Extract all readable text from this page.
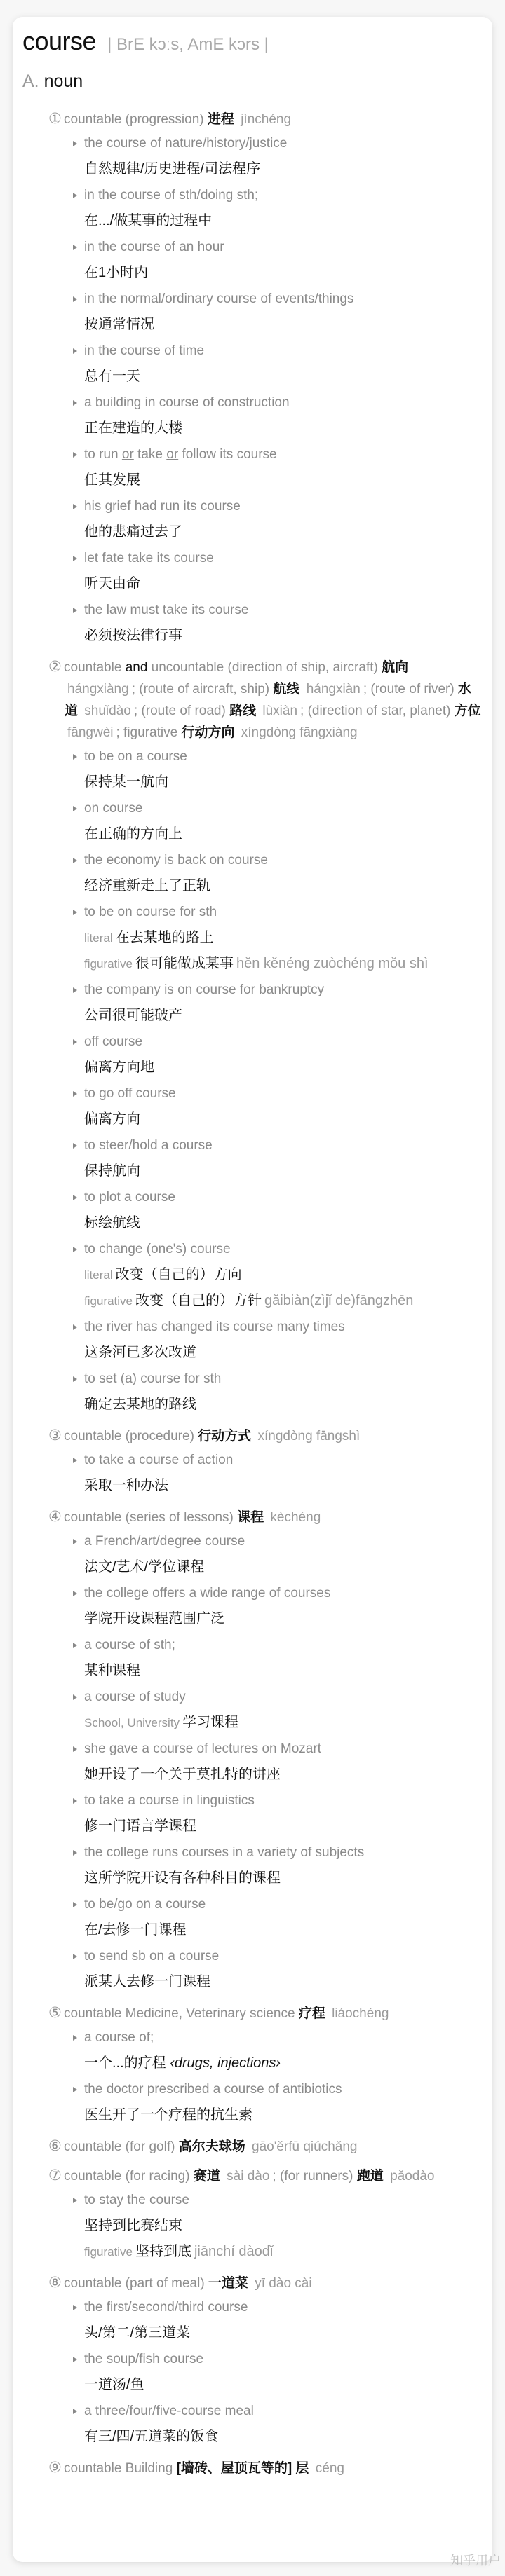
course | BrE kɔːs, AmE kɔrs |
A. noun
① countable (progression) 进程 jìnchéng
the course of nature/history/justice
自然规律/历史进程/司法程序
in the course of sth/doing sth;
在.../做某事的过程中
in the course of an hour
在1小时内
in the normal/ordinary course of events/things
按通常情况
in the course of time
总有一天
a building in course of construction
正在建造的大楼
to run or take or follow its course
任其发展
his grief had run its course
他的悲痛过去了
let fate take its course
听天由命
the law must take its course
必须按法律行事
② countable and uncountable (direction of ship, aircraft) 航向 hángxiàng ; (route of aircraft, ship) 航线 hángxiàn ; (route of river) 水道 shuǐdào ; (route of road) 路线 lùxiàn ; (direction of star, planet) 方位 fāngwèi ; figurative 行动方向 xíngdòng fāngxiàng
to be on a course
保持某一航向
on course
在正确的方向上
the economy is back on course
经济重新走上了正轨
to be on course for sth
literal 在去某地的路上
figurative 很可能做成某事 hěn kěnéng zuòchéng mǒu shì
the company is on course for bankruptcy
公司很可能破产
off course
偏离方向地
to go off course
偏离方向
to steer/hold a course
保持航向
to plot a course
标绘航线
to change (one's) course
literal 改变（自己的）方向
figurative 改变（自己的）方针 gǎibiàn(zìjǐ de)fāngzhēn
the river has changed its course many times
这条河已多次改道
to set (a) course for sth
确定去某地的路线
③ countable (procedure) 行动方式 xíngdòng fāngshì
to take a course of action
采取一种办法
④ countable (series of lessons) 课程 kèchéng
a French/art/degree course
法文/艺术/学位课程
the college offers a wide range of courses
学院开设课程范围广泛
a course of sth;
某种课程
a course of study
School, University 学习课程
she gave a course of lectures on Mozart
她开设了一个关于莫扎特的讲座
to take a course in linguistics
修一门语言学课程
the college runs courses in a variety of subjects
这所学院开设有各种科目的课程
to be/go on a course
在/去修一门课程
to send sb on a course
派某人去修一门课程
⑤ countable Medicine, Veterinary science 疗程 liáochéng
a course of;
一个...的疗程 ‹drugs, injections›
the doctor prescribed a course of antibiotics
医生开了一个疗程的抗生素
⑥ countable (for golf) 高尔夫球场 gāo'ěrfū qiúchǎng
⑦ countable (for racing) 赛道 sài dào ; (for runners) 跑道 pǎodào
to stay the course
坚持到比赛结束
figurative 坚持到底 jiānchí dàodǐ
⑧ countable (part of meal) 一道菜 yī dào cài
the first/second/third course
头/第二/第三道菜
the soup/fish course
一道汤/鱼
a three/four/five-course meal
有三/四/五道菜的饭食
⑨ countable Building [墙砖、屋顶瓦等的] 层 céng
知乎用户
